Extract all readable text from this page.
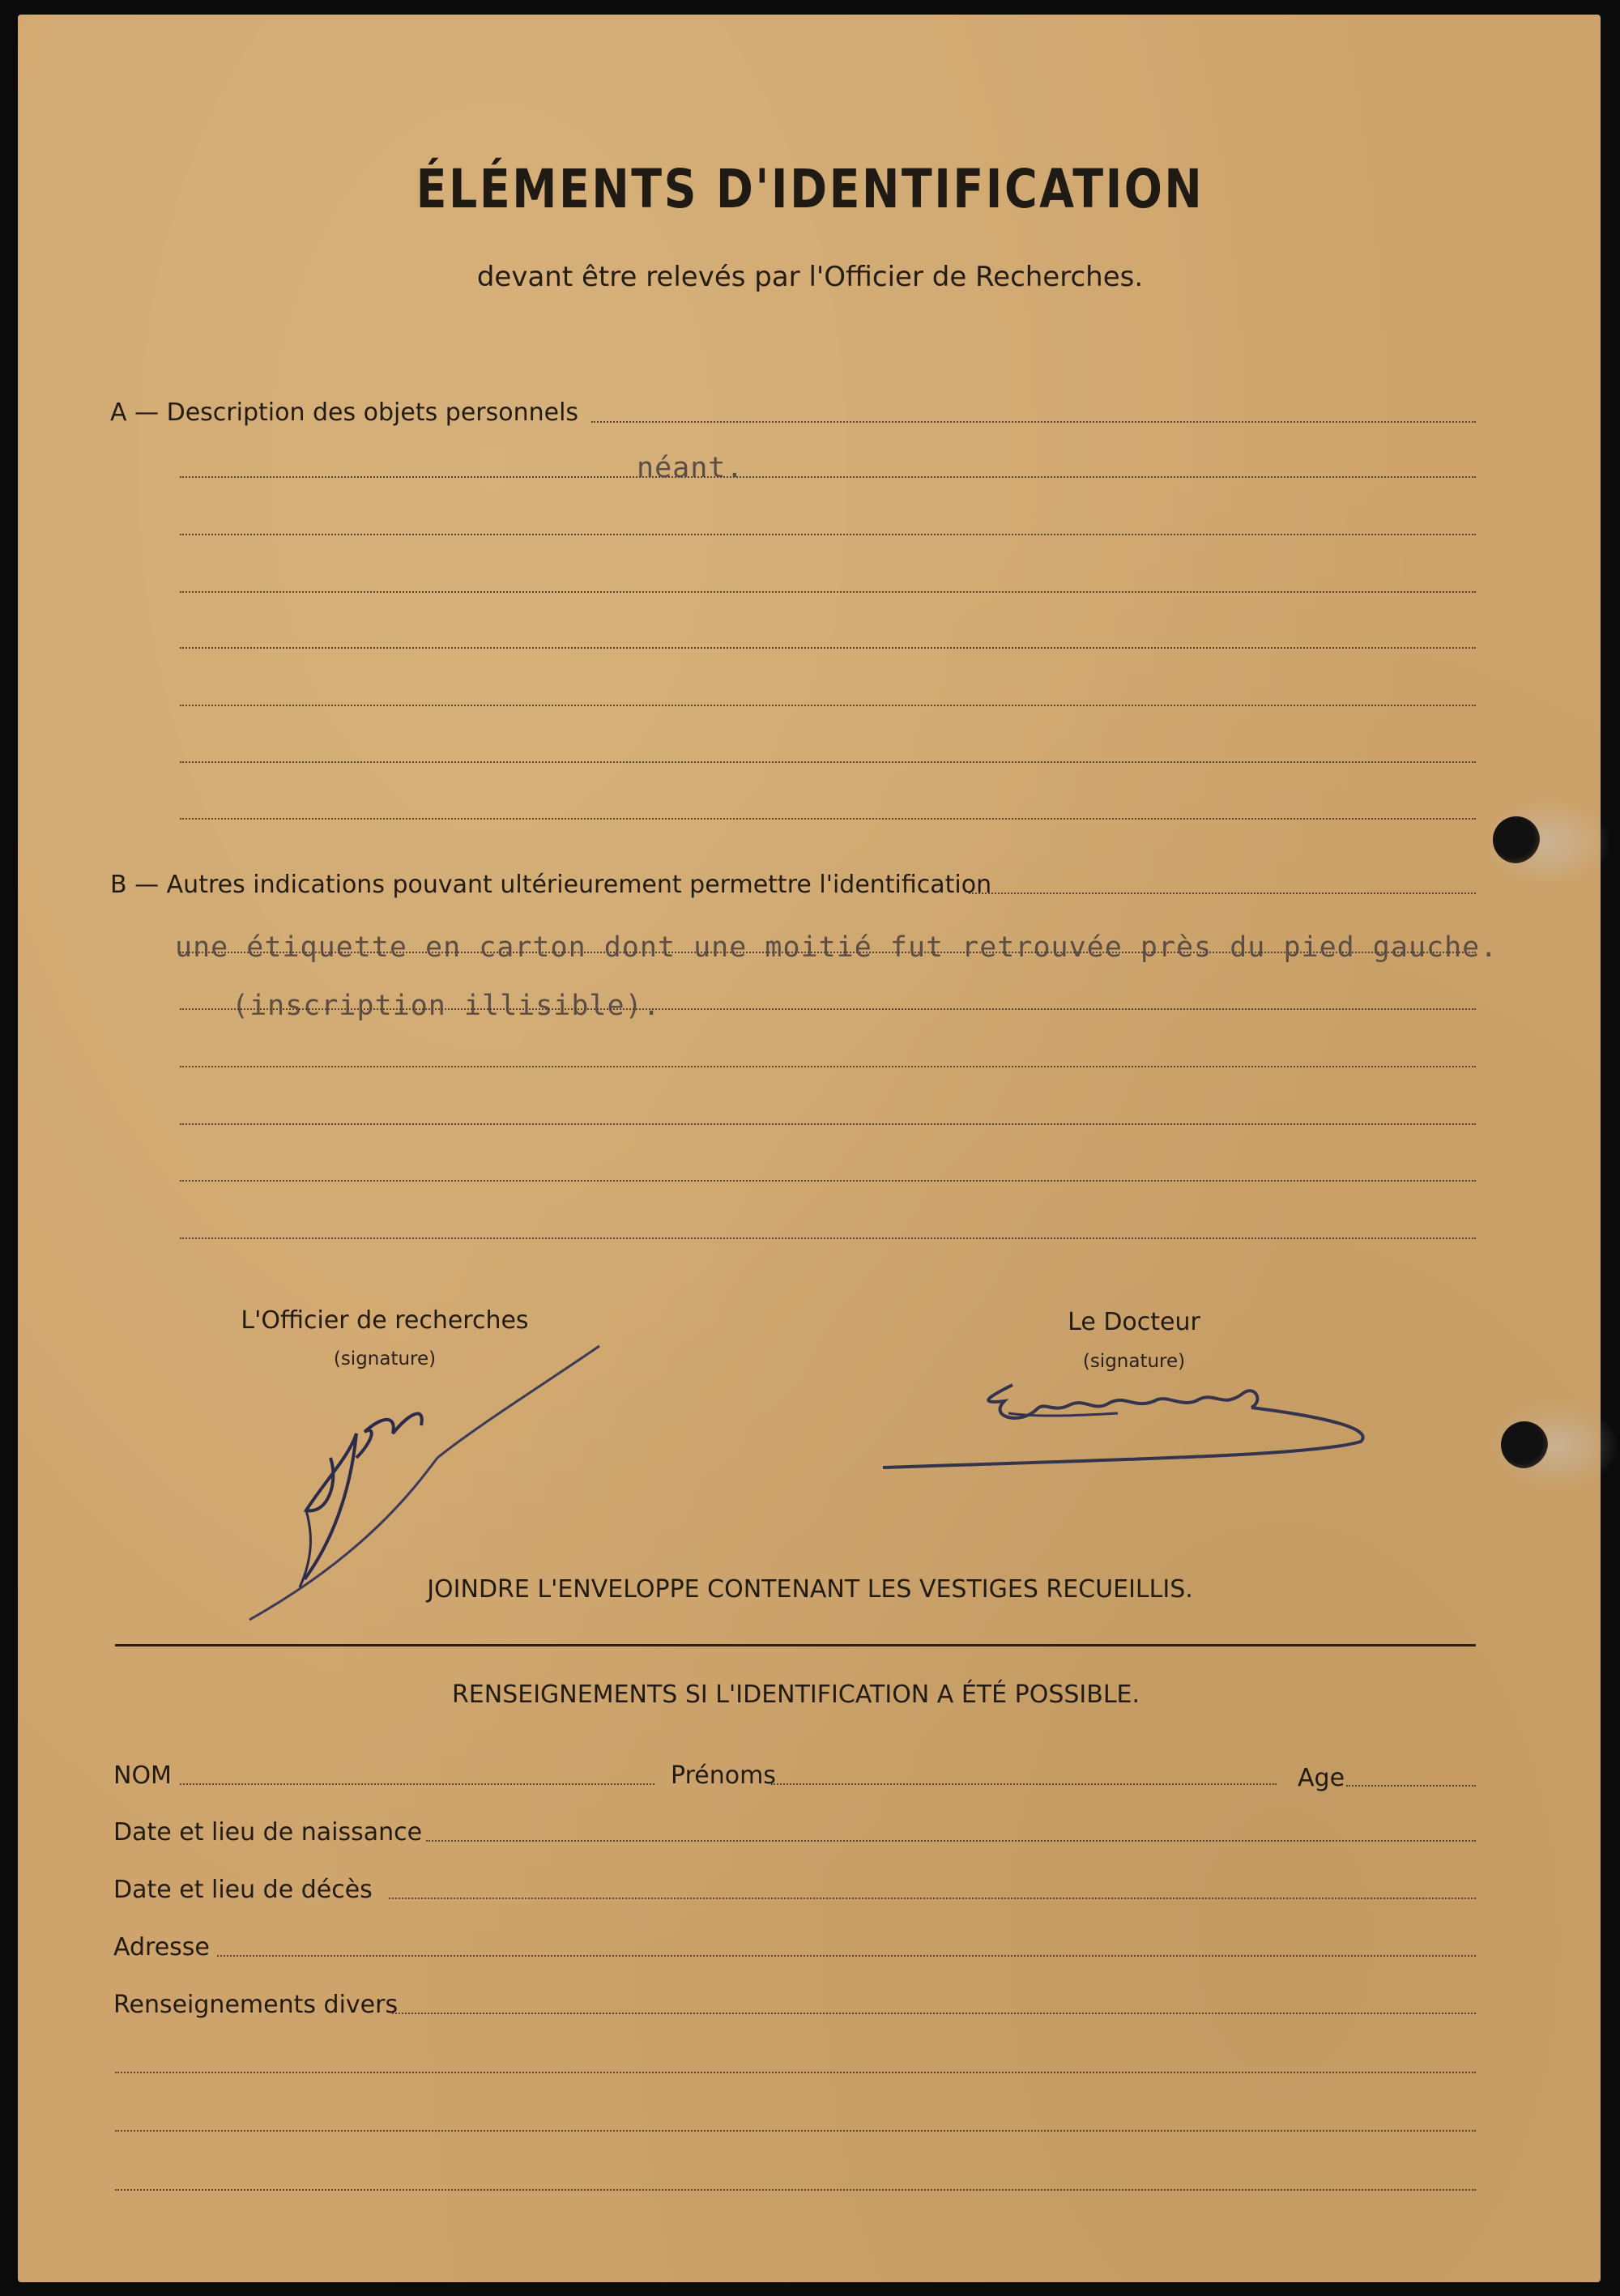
ÉLÉMENTS D'IDENTIFICATION
devant être relevés par l'Officier de Recherches.
A — Description des objets personnels
néant.
B — Autres indications pouvant ultérieurement permettre l'identification
une étiquette en carton dont une moitié fut retrouvée près du pied gauche.
(inscription illisible).
L'Officier de recherches
(signature)
Le Docteur
(signature)
JOINDRE L'ENVELOPPE CONTENANT LES VESTIGES RECUEILLIS.
RENSEIGNEMENTS SI L'IDENTIFICATION A ÉTÉ POSSIBLE.
NOM	Prénoms	Age
Date et lieu de naissance
Date et lieu de décès
Adresse
Renseignements divers
